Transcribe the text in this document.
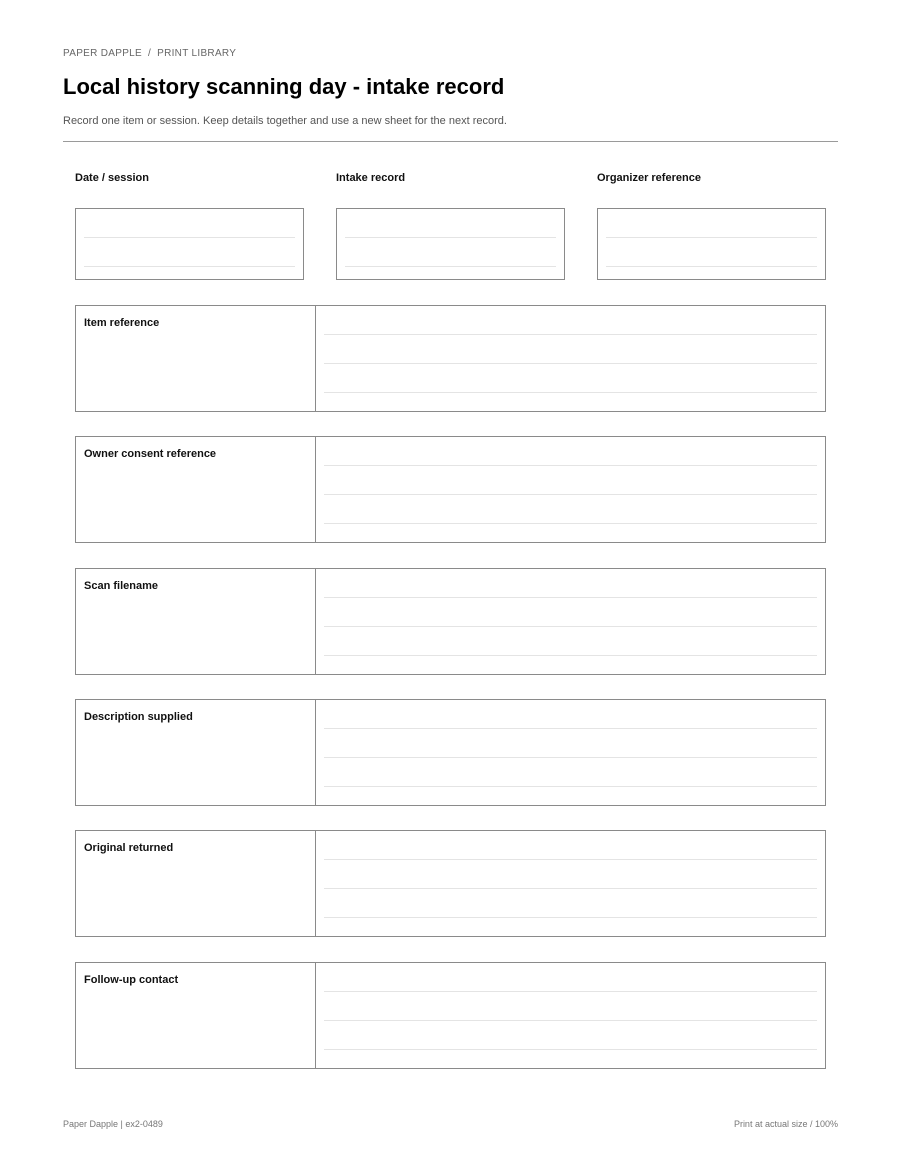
PAPER DAPPLE / PRINT LIBRARY
Local history scanning day - intake record
Record one item or session. Keep details together and use a new sheet for the next record.
Date / session	Intake record	Organizer reference
Item reference
Owner consent reference
Scan filename
Description supplied
Original returned
Follow-up contact
Paper Dapple | ex2-0489	Print at actual size / 100%
